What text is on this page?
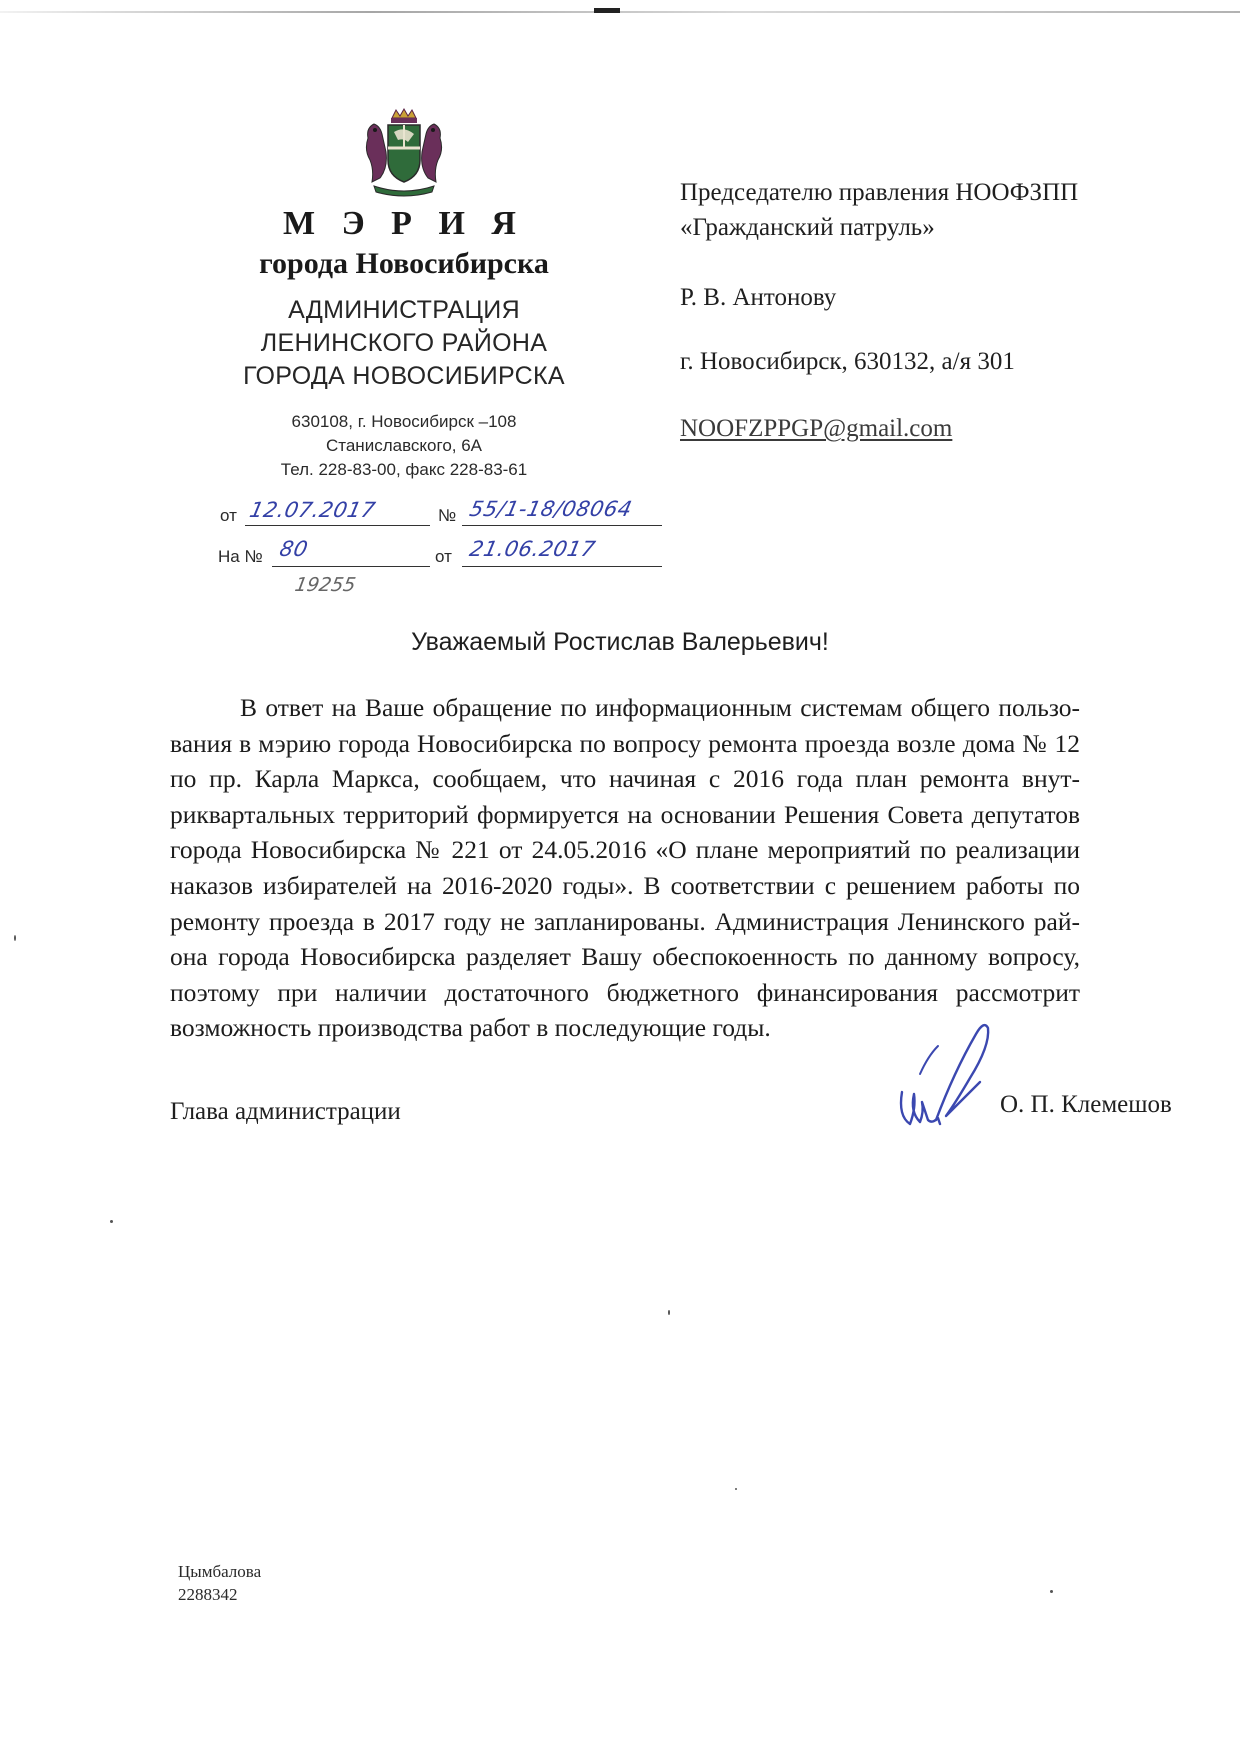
М Э Р И Я
города Новосибирска
АДМИНИСТРАЦИЯ
ЛЕНИНСКОГО РАЙОНА
ГОРОДА НОВОСИБИРСКА
630108, г. Новосибирск –108
Станиславского, 6А
Тел. 228-83-00, факс 228-83-61
от 12.07.2017	№ 55/1-18/08064
На № 80	от 21.06.2017
19255
Председателю правления НООФЗПП
«Гражданский патруль»
Р. В. Антонову
г. Новосибирск, 630132, а/я 301
NOOFZPPGP@gmail.com
Уважаемый Ростислав Валерьевич!
В ответ на Ваше обращение по информационным системам общего пользо-
вания в мэрию города Новосибирска по вопросу ремонта проезда возле дома № 12
по пр. Карла Маркса, сообщаем, что начиная с 2016 года план ремонта внут-
риквартальных территорий формируется на основании Решения Совета депутатов
города Новосибирска № 221 от 24.05.2016 «О плане мероприятий по реализации
наказов избирателей на 2016-2020 годы». В соответствии с решением работы по
ремонту проезда в 2017 году не запланированы. Администрация Ленинского рай-
она города Новосибирска разделяет Вашу обеспокоенность по данному вопросу,
поэтому при наличии достаточного бюджетного финансирования рассмотрит
возможность производства работ в последующие годы.
Глава администрации	О. П. Клемешов
Цымбалова
2288342
